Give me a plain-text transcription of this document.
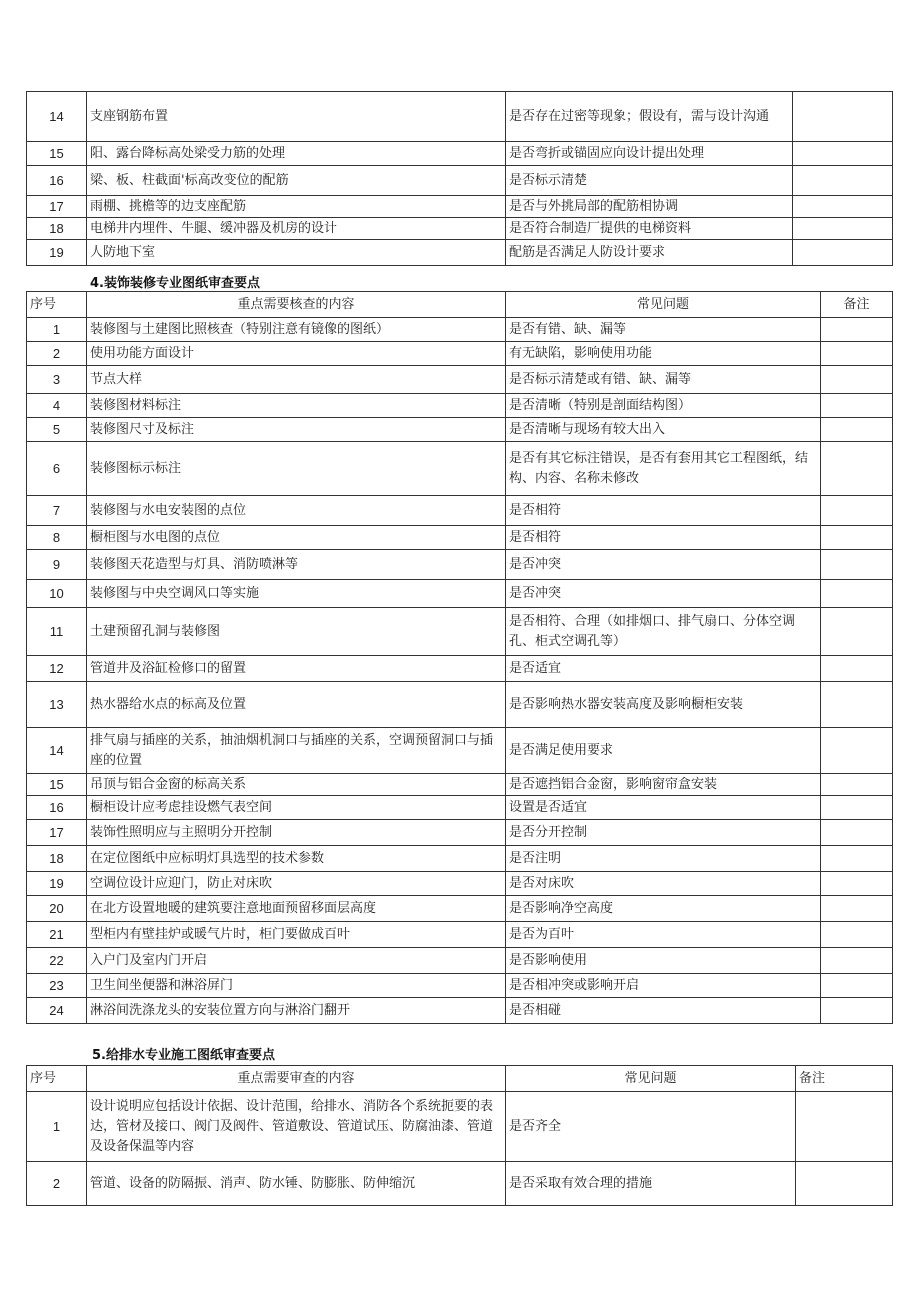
14	支座钢筋布置	是否存在过密等现象；假设有，需与设计沟通	
15	阳、露台降标高处梁受力筋的处理	是否弯折或锚固应向设计提出处理	
16	梁、板、柱截面'标高改变位的配筋	是否标示清楚	
17	雨棚、挑檐等的边支座配筋	是否与外挑局部的配筋相协调	
18	电梯井内埋件、牛腿、缓冲器及机房的设计	是否符合制造厂提供的电梯资料	
19	人防地下室	配筋是否满足人防设计要求	
4.装饰装修专业图纸审查要点
序号	重点需要核查的内容	常见问题	备注
1	装修图与土建图比照核查（特别注意有镜像的图纸）	是否有错、缺、漏等	
2	使用功能方面设计	有无缺陷，影响使用功能	
3	节点大样	是否标示清楚或有错、缺、漏等	
4	装修图材料标注	是否清晰（特别是剖面结构图）	
5	装修图尺寸及标注	是否清晰与现场有较大出入	
6	装修图标示标注	是否有其它标注错误，是否有套用其它工程图纸，结构、内容、名称未修改	
7	装修图与水电安装图的点位	是否相符	
8	橱柜图与水电图的点位	是否相符	
9	装修图天花造型与灯具、消防喷淋等	是否冲突	
10	装修图与中央空调风口等实施	是否冲突	
11	土建预留孔洞与装修图	是否相符、合理（如排烟口、排气扇口、分体空调孔、柜式空调孔等）	
12	管道井及浴缸检修口的留置	是否适宜	
13	热水器给水点的标高及位置	是否影响热水器安装高度及影响橱柜安装	
14	排气扇与插座的关系，抽油烟机洞口与插座的关系，空调预留洞口与插座的位置	是否满足使用要求	
15	吊顶与铝合金窗的标高关系	是否遮挡铝合金窗，影响窗帘盒安装	
16	橱柜设计应考虑挂设燃气表空间	设置是否适宜	
17	装饰性照明应与主照明分开控制	是否分开控制	
18	在定位图纸中应标明灯具选型的技术参数	是否注明	
19	空调位设计应迎门，防止对床吹	是否对床吹	
20	在北方设置地暖的建筑要注意地面预留移面层高度	是否影响净空高度	
21	型柜内有壁挂炉或暖气片时，柜门要做成百叶	是否为百叶	
22	入户门及室内门开启	是否影响使用	
23	卫生间坐便器和淋浴屏门	是否相冲突或影响开启	
24	淋浴间洗涤龙头的安装位置方向与淋浴门翻开	是否相碰	
5.给排水专业施工图纸审查要点
序号	重点需要审查的内容	常见问题	备注
1	设计说明应包括设计依据、设计范围，给排水、消防各个系统扼要的表达，管材及接口、阀门及阀件、管道敷设、管道试压、防腐油漆、管道及设备保温等内容	是否齐全	
2	管道、设备的防隔振、消声、防水锤、防膨胀、防伸缩沉	是否采取有效合理的措施	
